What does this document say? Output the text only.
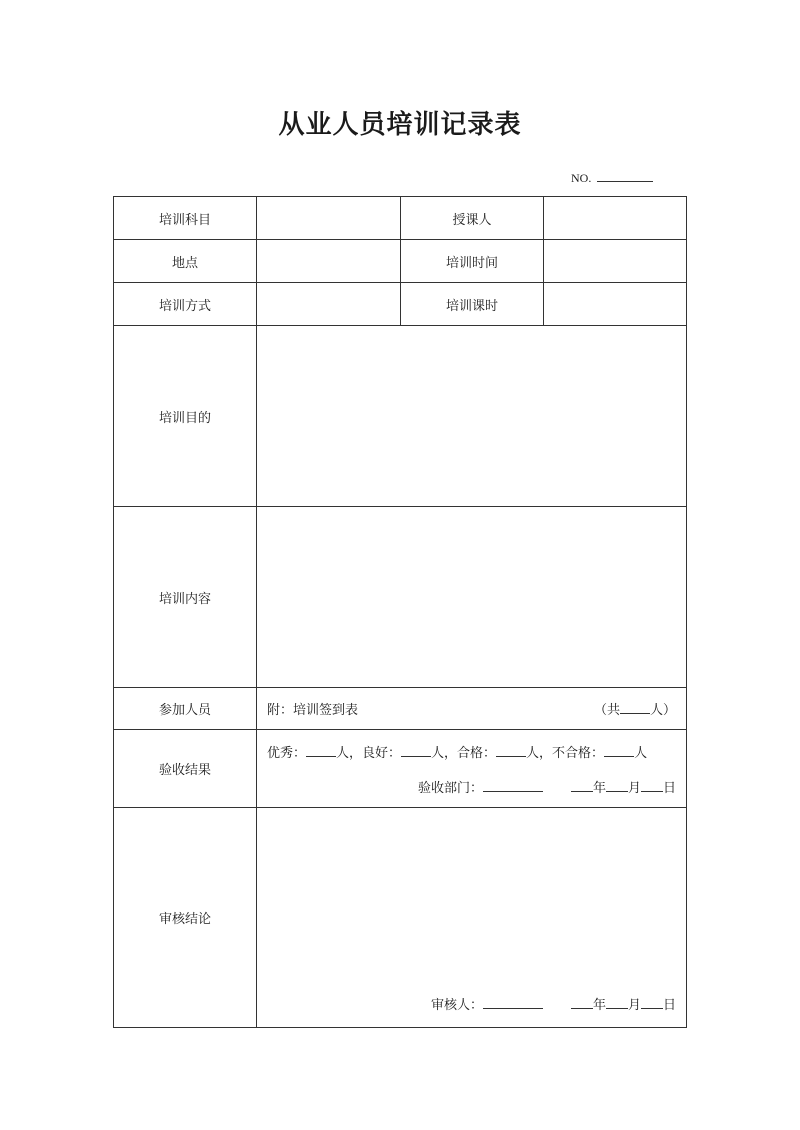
从业人员培训记录表
NO.
培训科目		授课人	
地点		培训时间	
培训方式		培训课时	
培训目的			
培训内容			
参加人员	附：培训签到表 （共 人）		

验收结果	优秀： 人，良好： 人，合格： 人，不合格： 人
验收部门： 年 月 日		

审核结论	审核人： 年 月 日		
